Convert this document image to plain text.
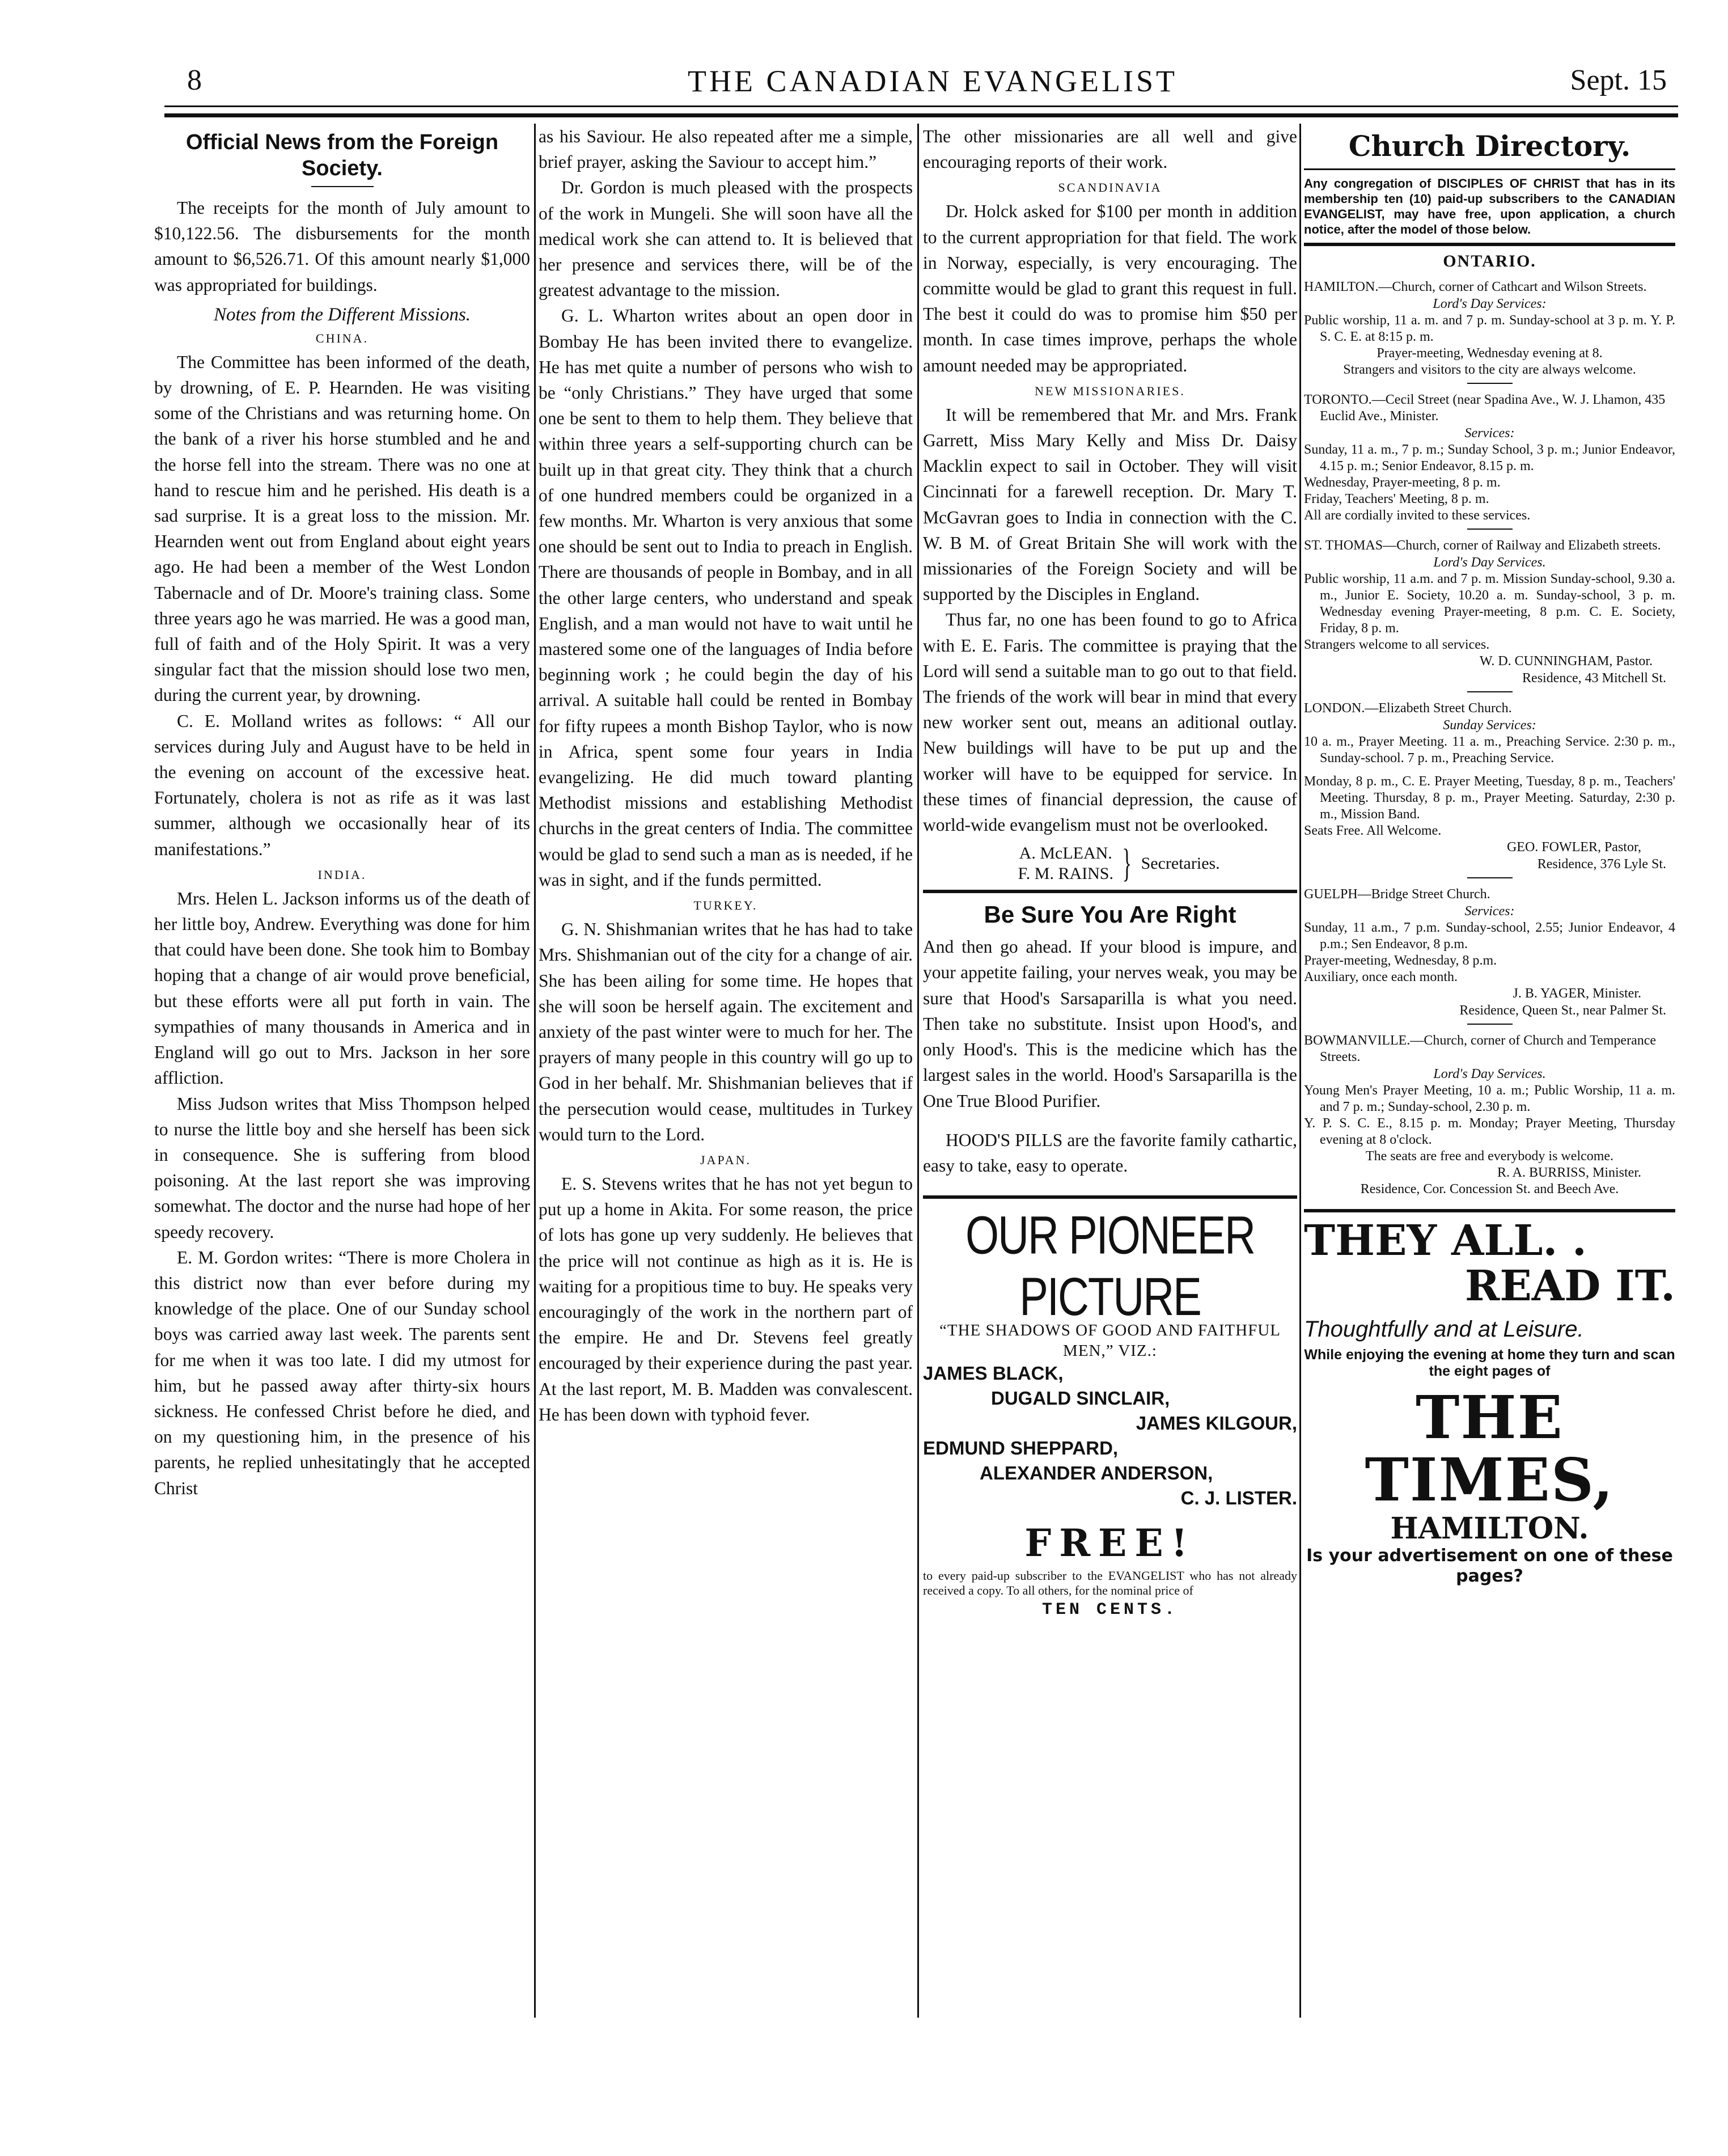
8	THE CANADIAN EVANGELIST	Sept. 15
Official News from the Foreign Society.

The receipts for the month of July amount to $10,122.56. The disbursements for the month amount to $6,526.71. Of this amount nearly $1,000 was appropriated for buildings.

Notes from the Different Missions.
CHINA.

The Committee has been informed of the death, by drowning, of E. P. Hearnden. He was visiting some of the Christians and was returning home. On the bank of a river his horse stumbled and he and the horse fell into the stream. There was no one at hand to rescue him and he perished. His death is a sad surprise. It is a great loss to the mission. Mr. Hearnden went out from England about eight years ago. He had been a member of the West London Tabernacle and of Dr. Moore's training class. Some three years ago he was married. He was a good man, full of faith and of the Holy Spirit. It was a very singular fact that the mission should lose two men, during the current year, by drowning.

C. E. Molland writes as follows: “ All our services during July and August have to be held in the evening on account of the excessive heat. Fortunately, cholera is not as rife as it was last summer, although we occasionally hear of its manifestations.”

INDIA.

Mrs. Helen L. Jackson informs us of the death of her little boy, Andrew. Everything was done for him that could have been done. She took him to Bombay hoping that a change of air would prove beneficial, but these efforts were all put forth in vain. The sympathies of many thousands in America and in England will go out to Mrs. Jackson in her sore affliction.

Miss Judson writes that Miss Thompson helped to nurse the little boy and she herself has been sick in consequence. She is suffering from blood poisoning. At the last report she was improving somewhat. The doctor and the nurse had hope of her speedy recovery.

E. M. Gordon writes: “There is more Cholera in this district now than ever before during my knowledge of the place. One of our Sunday school boys was carried away last week. The parents sent for me when it was too late. I did my utmost for him, but he passed away after thirty-six hours sickness. He confessed Christ before he died, and on my questioning him, in the presence of his parents, he replied unhesitatingly that he accepted Christ

as his Saviour. He also repeated after me a simple, brief prayer, asking the Saviour to accept him.”

Dr. Gordon is much pleased with the prospects of the work in Mungeli. She will soon have all the medical work she can attend to. It is believed that her presence and services there, will be of the greatest advantage to the mission.

G. L. Wharton writes about an open door in Bombay He has been invited there to evangelize. He has met quite a number of persons who wish to be “only Christians.” They have urged that some one be sent to them to help them. They believe that within three years a self-supporting church can be built up in that great city. They think that a church of one hundred members could be organized in a few months. Mr. Wharton is very anxious that some one should be sent out to India to preach in English. There are thousands of people in Bombay, and in all the other large centers, who understand and speak English, and a man would not have to wait until he mastered some one of the languages of India before beginning work ; he could begin the day of his arrival. A suitable hall could be rented in Bombay for fifty rupees a month Bishop Taylor, who is now in Africa, spent some four years in India evangelizing. He did much toward planting Methodist missions and establishing Methodist churchs in the great centers of India. The committee would be glad to send such a man as is needed, if he was in sight, and if the funds permitted.

TURKEY.

G. N. Shishmanian writes that he has had to take Mrs. Shishmanian out of the city for a change of air. She has been ailing for some time. He hopes that she will soon be herself again. The excitement and anxiety of the past winter were to much for her. The prayers of many people in this country will go up to God in her behalf. Mr. Shishmanian believes that if the persecution would cease, multitudes in Turkey would turn to the Lord.

JAPAN.

E. S. Stevens writes that he has not yet begun to put up a home in Akita. For some reason, the price of lots has gone up very suddenly. He believes that the price will not continue as high as it is. He is waiting for a propitious time to buy. He speaks very encouragingly of the work in the northern part of the empire. He and Dr. Stevens feel greatly encouraged by their experience during the past year. At the last report, M. B. Madden was convalescent. He has been down with typhoid fever.

The other missionaries are all well and give encouraging reports of their work.

SCANDINAVIA

Dr. Holck asked for $100 per month in addition to the current appropriation for that field. The work in Norway, especially, is very encouraging. The committe would be glad to grant this request in full. The best it could do was to promise him $50 per month. In case times improve, perhaps the whole amount needed may be appropriated.

NEW MISSIONARIES.

It will be remembered that Mr. and Mrs. Frank Garrett, Miss Mary Kelly and Miss Dr. Daisy Macklin expect to sail in October. They will visit Cincinnati for a farewell reception. Dr. Mary T. McGavran goes to India in connection with the C. W. B M. of Great Britain She will work with the missionaries of the Foreign Society and will be supported by the Disciples in England.

Thus far, no one has been found to go to Africa with E. E. Faris. The committee is praying that the Lord will send a suitable man to go out to that field. The friends of the work will bear in mind that every new worker sent out, means an aditional outlay. New buildings will have to be put up and the worker will have to be equipped for service. In these times of financial depression, the cause of world-wide evangelism must not be overlooked.

A. McLEAN.
F. M. RAINS. } Secretaries.
Be Sure You Are Right

And then go ahead. If your blood is impure, and your appetite failing, your nerves weak, you may be sure that Hood's Sarsaparilla is what you need. Then take no substitute. Insist upon Hood's, and only Hood's. This is the medicine which has the largest sales in the world. Hood's Sarsaparilla is the One True Blood Purifier.

HOOD'S PILLS are the favorite family cathartic, easy to take, easy to operate.

OUR PIONEER PICTURE
“THE SHADOWS OF GOOD AND FAITHFUL MEN,” VIZ.:
JAMES BLACK,
DUGALD SINCLAIR,
JAMES KILGOUR,
EDMUND SHEPPARD,
ALEXANDER ANDERSON,
C. J. LISTER.
FREE!
to every paid-up subscriber to the EVANGELIST who has not already received a copy. To all others, for the nominal price of
TEN CENTS.
Church Directory.
Any congregation of DISCIPLES OF CHRIST that has in its membership ten (10) paid-up subscribers to the CANADIAN EVANGELIST, may have free, upon application, a church notice, after the model of those below.
ONTARIO.
HAMILTON.—Church, corner of Cathcart and Wilson Streets.
Lord's Day Services:
Public worship, 11 a. m. and 7 p. m. Sunday-school at 3 p. m. Y. P. S. C. E. at 8:15 p. m.
Prayer-meeting, Wednesday evening at 8.
Strangers and visitors to the city are always welcome.
TORONTO.—Cecil Street (near Spadina Ave., W. J. Lhamon, 435 Euclid Ave., Minister.
Services:
Sunday, 11 a. m., 7 p. m.; Sunday School, 3 p. m.; Junior Endeavor, 4.15 p. m.; Senior Endeavor, 8.15 p. m.
Wednesday, Prayer-meeting, 8 p. m.
Friday, Teachers' Meeting, 8 p. m.
All are cordially invited to these services.
ST. THOMAS—Church, corner of Railway and Elizabeth streets.
Lord's Day Services.
Public worship, 11 a.m. and 7 p. m. Mission Sunday-school, 9.30 a. m., Junior E. Society, 10.20 a. m. Sunday-school, 3 p. m. Wednesday evening Prayer-meeting, 8 p.m. C. E. Society, Friday, 8 p. m.
Strangers welcome to all services.
W. D. CUNNINGHAM, Pastor.
Residence, 43 Mitchell St.
LONDON.—Elizabeth Street Church.
Sunday Services:
10 a. m., Prayer Meeting. 11 a. m., Preaching Service. 2:30 p. m., Sunday-school. 7 p. m., Preaching Service.
Monday, 8 p. m., C. E. Prayer Meeting, Tuesday, 8 p. m., Teachers' Meeting. Thursday, 8 p. m., Prayer Meeting. Saturday, 2:30 p. m., Mission Band.
Seats Free. All Welcome.
GEO. FOWLER, Pastor,
Residence, 376 Lyle St.
GUELPH—Bridge Street Church.
Services:
Sunday, 11 a.m., 7 p.m. Sunday-school, 2.55; Junior Endeavor, 4 p.m.; Sen Endeavor, 8 p.m.
Prayer-meeting, Wednesday, 8 p.m.
Auxiliary, once each month.
J. B. YAGER, Minister.
Residence, Queen St., near Palmer St.
BOWMANVILLE.—Church, corner of Church and Temperance Streets.
Lord's Day Services.
Young Men's Prayer Meeting, 10 a. m.; Public Worship, 11 a. m. and 7 p. m.; Sunday-school, 2.30 p. m.
Y. P. S. C. E., 8.15 p. m. Monday; Prayer Meeting, Thursday evening at 8 o'clock.
The seats are free and everybody is welcome.
R. A. BURRISS, Minister.
Residence, Cor. Concession St. and Beech Ave.
THEY ALL. .
READ IT.
Thoughtfully and at Leisure.
While enjoying the evening at home they turn and scan the eight pages of
THE TIMES,
HAMILTON.
Is your advertisement on one of these pages?
